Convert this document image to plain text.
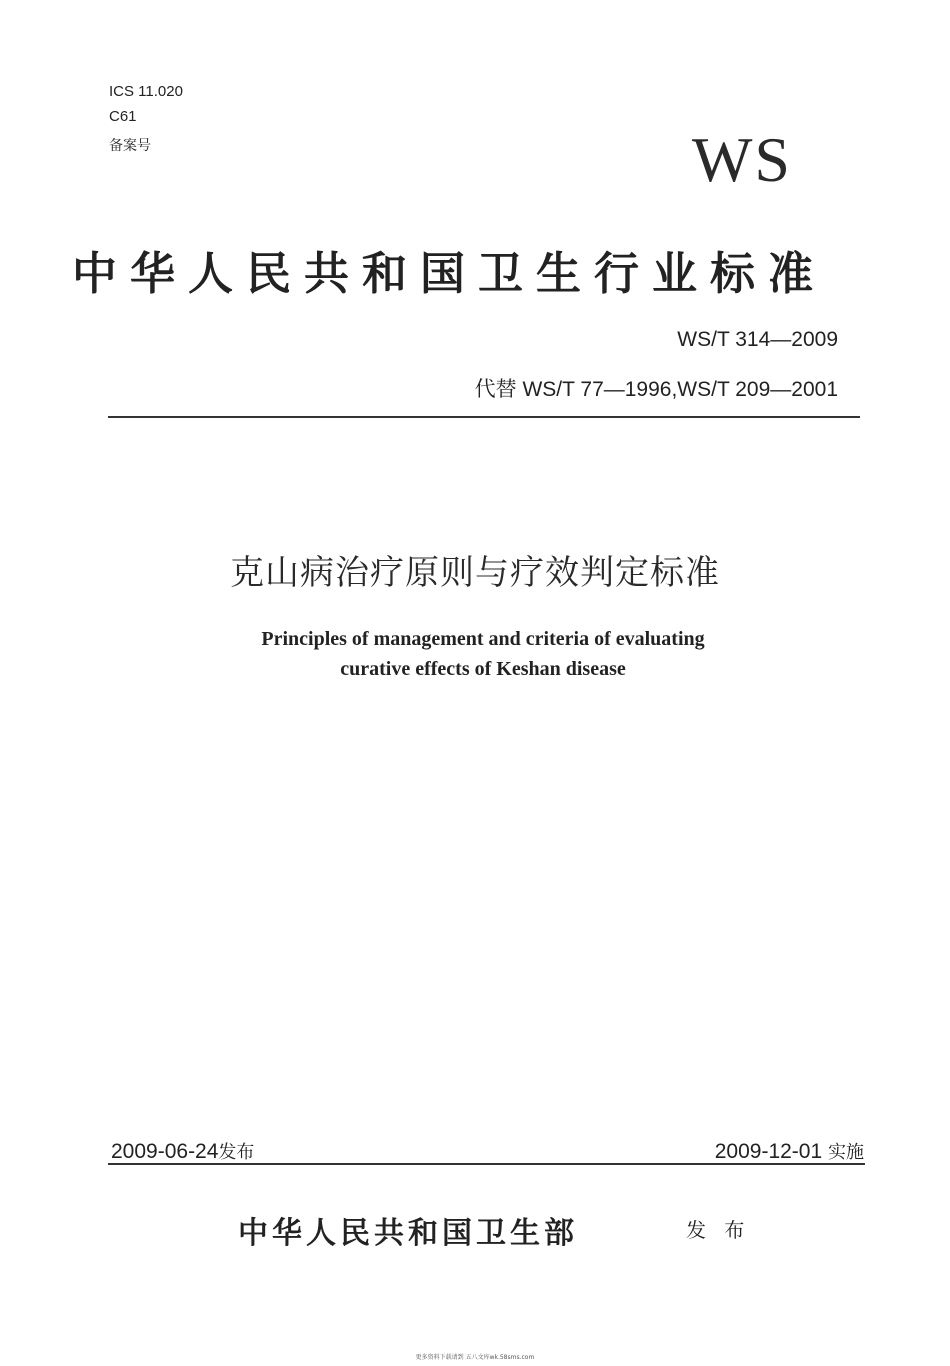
ICS 11.020
C61
备案号	WS
中华人民共和国卫生行业标准
WS/T 314—2009
代替 WS/T 77—1996,WS/T 209—2001
克山病治疗原则与疗效判定标准
Principles of management and criteria of evaluating
curative effects of Keshan disease
2009-06-24发布	2009-12-01 实施
中华人民共和国卫生部	发 布
更多资料下载请到 五八文库wk.58sms.com
